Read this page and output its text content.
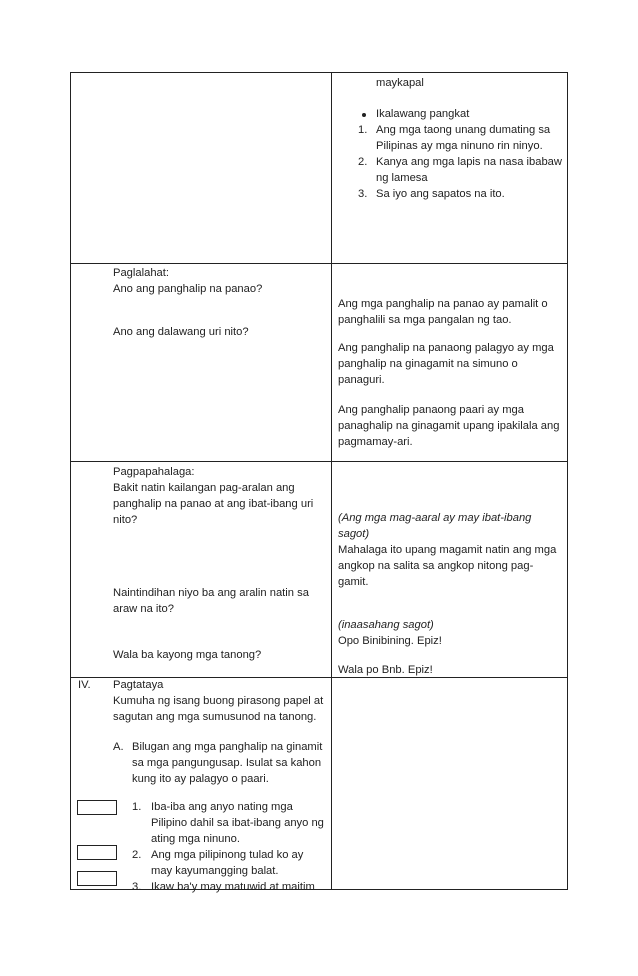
maykapal
Ikalawang pangkat
1. Ang mga taong unang dumating sa
Pilipinas ay mga ninuno rin ninyo.
2. Kanya ang mga lapis na nasa ibabaw
ng lamesa
3. Sa iyo ang sapatos na ito.
Paglalahat:
Ano ang panghalip na panao?
Ano ang dalawang uri nito?
Ang mga panghalip na panao ay pamalit o
panghalili sa mga pangalan ng tao.
Ang panghalip na panaong palagyo ay mga
panghalip na ginagamit na simuno o
panaguri.
Ang panghalip panaong paari ay mga
panaghalip na ginagamit upang ipakilala ang
pagmamay-ari.
Pagpapahalaga:
Bakit natin kailangan pag-aralan ang
panghalip na panao at ang ibat-ibang uri
nito?
Naintindihan niyo ba ang aralin natin sa
araw na ito?
Wala ba kayong mga tanong?
(Ang mga mag-aaral ay may ibat-ibang
sagot)
Mahalaga ito upang magamit natin ang mga
angkop na salita sa angkop nitong pag-
gamit.
(inaasahang sagot)
Opo Binibining. Epiz!
Wala po Bnb. Epiz!
IV. Pagtataya
Kumuha ng isang buong pirasong papel at
sagutan ang mga sumusunod na tanong.
A. Bilugan ang mga panghalip na ginamit
sa mga pangungusap. Isulat sa kahon
kung ito ay palagyo o paari.
1. Iba-iba ang anyo nating mga
Pilipino dahil sa ibat-ibang anyo ng
ating mga ninuno.
2. Ang mga pilipinong tulad ko ay
may kayumangging balat.
3. Ikaw ba'y may matuwid at maitim
